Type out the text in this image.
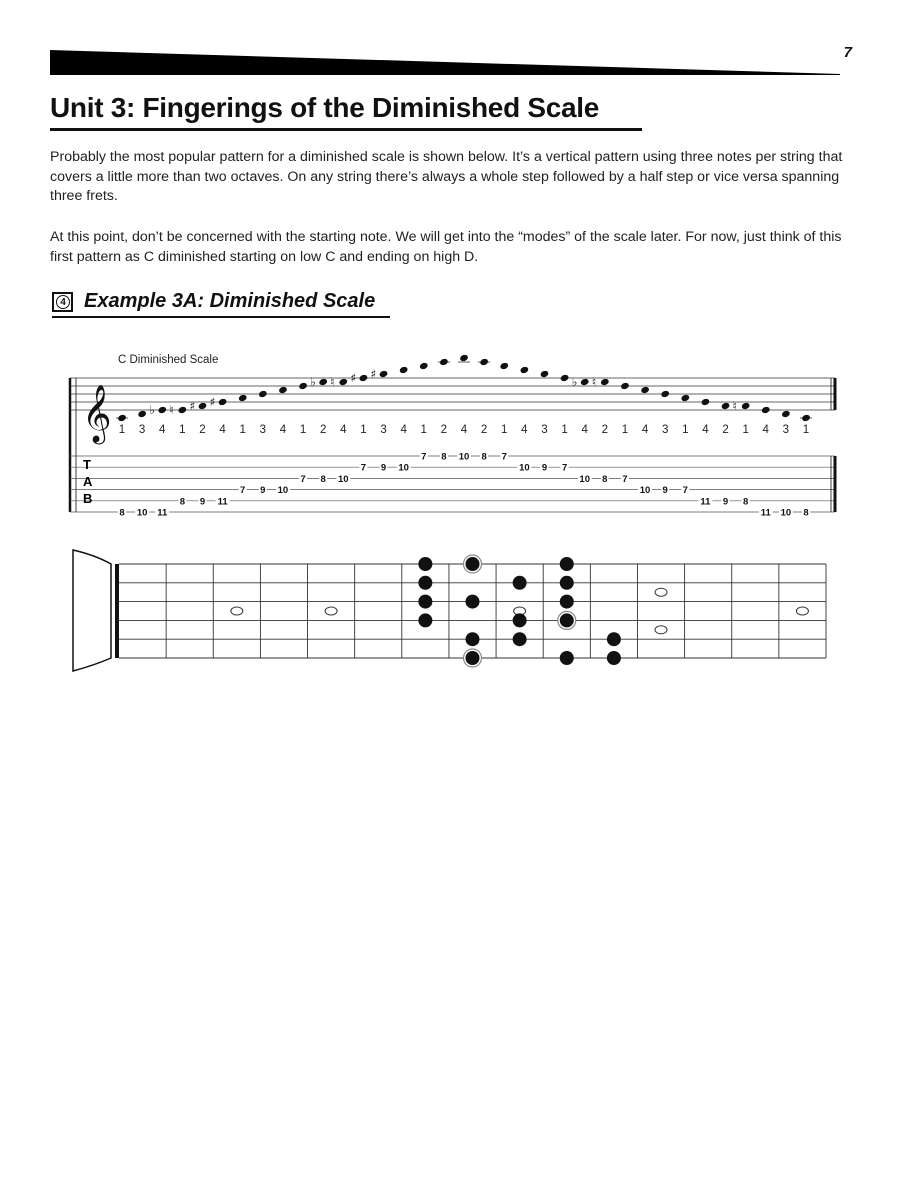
7
Unit 3: Fingerings of the Diminished Scale

Probably the most popular pattern for a diminished scale is shown below. It’s a vertical pattern using three notes per string that covers a little more than two octaves. On any string there’s always a whole step followed by a half step or vice versa spanning three frets.

At this point, don’t be concerned with the starting note. We will get into the “modes” of the scale later. For now, just think of this first pattern as C diminished starting on low C and ending on high D.

4 Example 3A: Diminished Scale
C Diminished Scale
𝄞
T
A
B
1
8
3
10
♭
4
11
♮
1
8
♯
2
9
♯
4
11
1
7
3
9
4
10
1
7
♭
2
8
♮
4
10
♯
1
7
♯
3
9
4
10
1
7
2
8
4
10
2
8
1
7
4
10
3
9
1
7
♭
4
10
♮
2
8
1
7
4
10
3
9
1
7
4
11
2
9
♮
1
8
4
11
3
10
1
8
